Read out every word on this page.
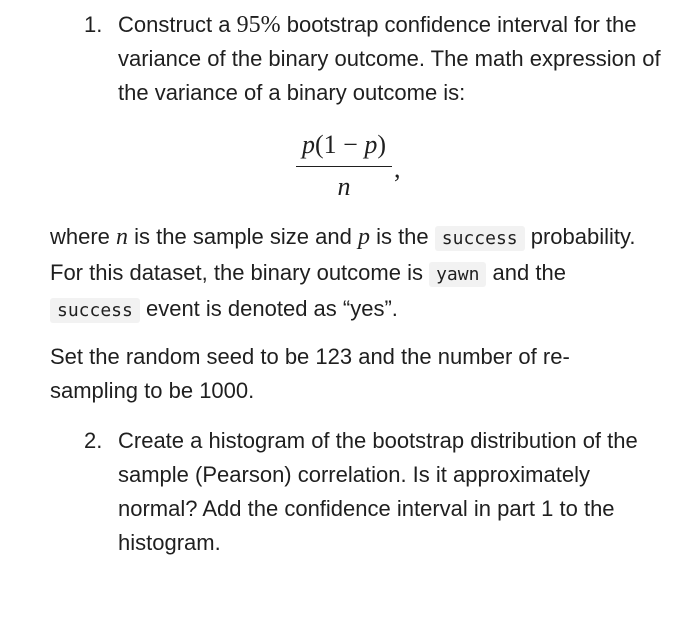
1. Construct a 95% bootstrap confidence interval for the variance of the binary outcome. The math expression of the variance of a binary outcome is:
p(1 − p)
n
,
where n is the sample size and p is the success probability. For this dataset, the binary outcome is yawn and the success event is denoted as “yes”.
Set the random seed to be 123 and the number of re-sampling to be 1000.
2. Create a histogram of the bootstrap distribution of the sample (Pearson) correlation. Is it approximately normal? Add the confidence interval in part 1 to the histogram.
